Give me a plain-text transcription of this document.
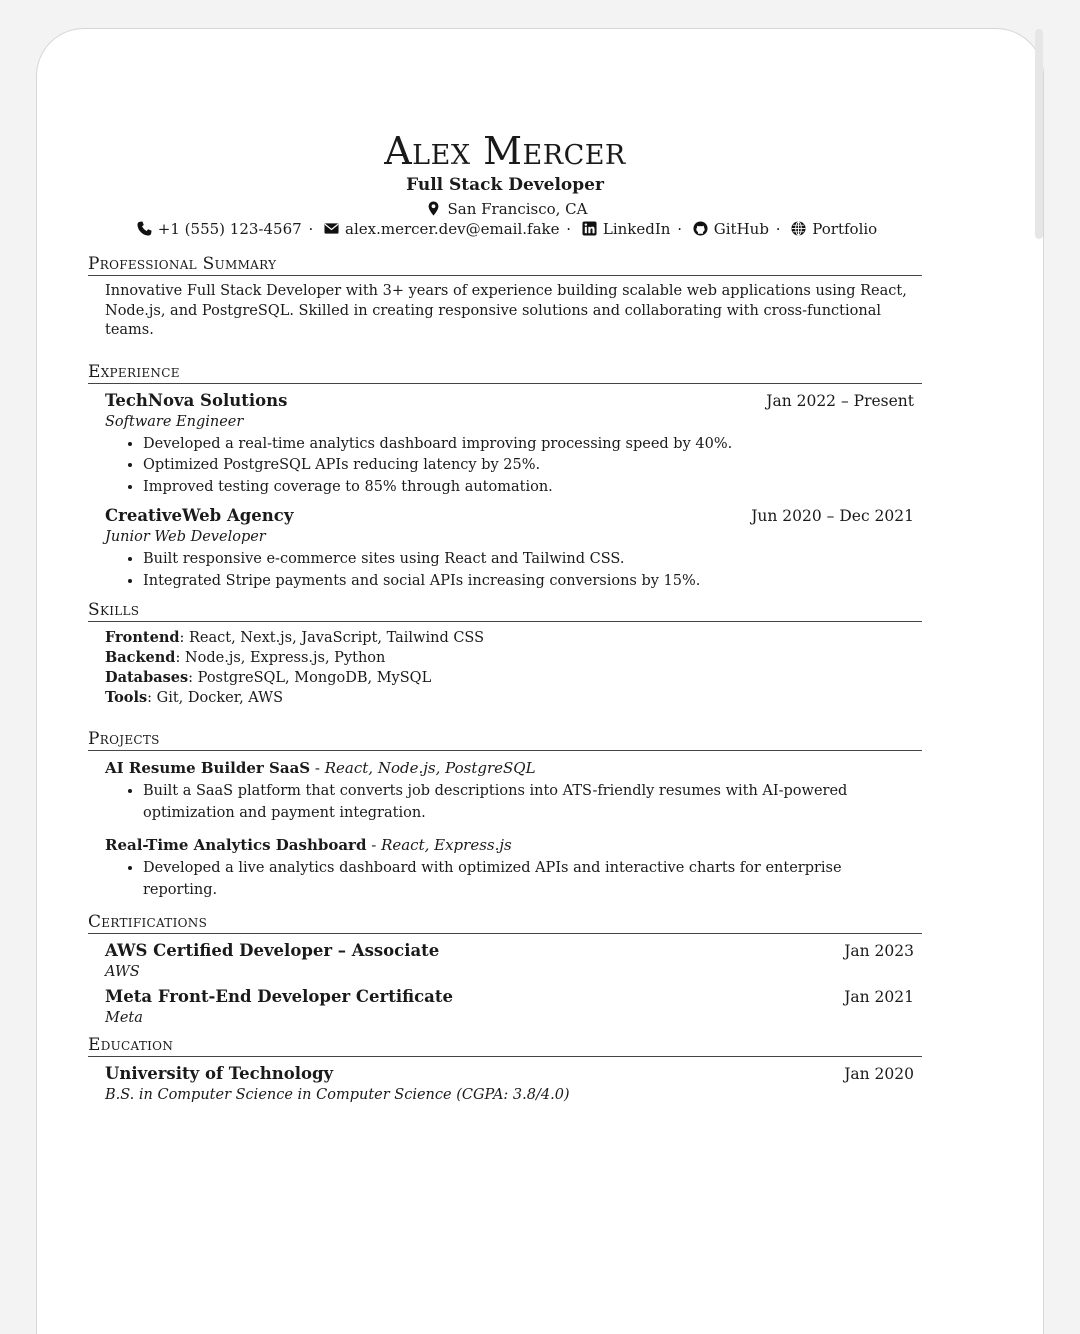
Alex Mercer
Full Stack Developer
San Francisco, CA
+1 (555) 123-4567 · alex.mercer.dev@email.fake · LinkedIn · GitHub · Portfolio
Professional Summary
Innovative Full Stack Developer with 3+ years of experience building scalable web applications using React, Node.js, and PostgreSQL. Skilled in creating responsive solutions and collaborating with cross-functional teams.
Experience
TechNova Solutions	Jan 2022 – Present
Software Engineer
• Developed a real-time analytics dashboard improving processing speed by 40%.
• Optimized PostgreSQL APIs reducing latency by 25%.
• Improved testing coverage to 85% through automation.
CreativeWeb Agency	Jun 2020 – Dec 2021
Junior Web Developer
• Built responsive e-commerce sites using React and Tailwind CSS.
• Integrated Stripe payments and social APIs increasing conversions by 15%.
Skills
Frontend: React, Next.js, JavaScript, Tailwind CSS
Backend: Node.js, Express.js, Python
Databases: PostgreSQL, MongoDB, MySQL
Tools: Git, Docker, AWS
Projects
AI Resume Builder SaaS - React, Node.js, PostgreSQL
• Built a SaaS platform that converts job descriptions into ATS-friendly resumes with AI-powered optimization and payment integration.
Real-Time Analytics Dashboard - React, Express.js
• Developed a live analytics dashboard with optimized APIs and interactive charts for enterprise reporting.
Certifications
AWS Certified Developer – Associate	Jan 2023
AWS
Meta Front-End Developer Certificate	Jan 2021
Meta
Education
University of Technology	Jan 2020
B.S. in Computer Science in Computer Science (CGPA: 3.8/4.0)
